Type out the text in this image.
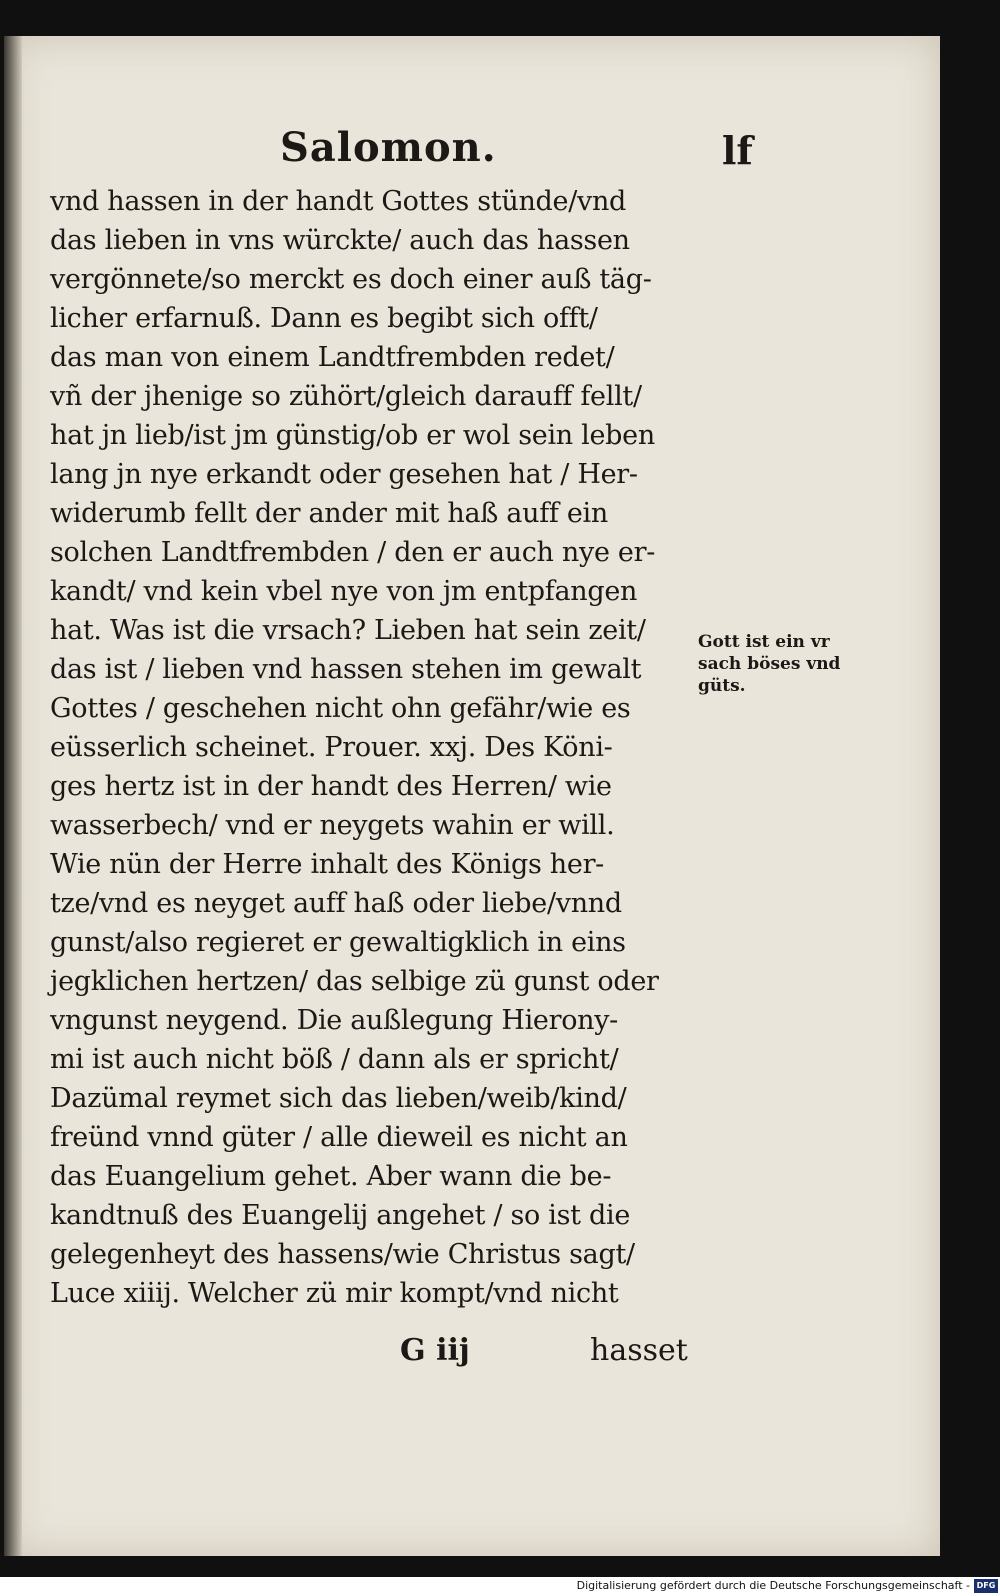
Salomon.	lf
vnd hassen in der handt Gottes stünde/vnd
das lieben in vns würckte/ auch das hassen
vergönnete/so merckt es doch einer auß täg-
licher erfarnuß. Dann es begibt sich offt/
das man von einem Landtfrembden redet/
vñ der jhenige so zühört/gleich darauff fellt/
hat jn lieb/ist jm günstig/ob er wol sein leben
lang jn nye erkandt oder gesehen hat / Her-
widerumb fellt der ander mit haß auff ein
solchen Landtfrembden / den er auch nye er-
kandt/ vnd kein vbel nye von jm entpfangen
hat. Was ist die vrsach? Lieben hat sein zeit/
das ist / lieben vnd hassen stehen im gewalt
Gottes / geschehen nicht ohn gefähr/wie es
eüsserlich scheinet. Prouer. xxj. Des Köni-
ges hertz ist in der handt des Herren/ wie
wasserbech/ vnd er neygets wahin er will.
Wie nün der Herre inhalt des Königs her-
tze/vnd es neyget auff haß oder liebe/vnnd
gunst/also regieret er gewaltigklich in eins
jegklichen hertzen/ das selbige zü gunst oder
vngunst neygend. Die außlegung Hierony-
mi ist auch nicht böß / dann als er spricht/
Dazümal reymet sich das lieben/weib/kind/
freünd vnnd güter / alle dieweil es nicht an
das Euangelium gehet. Aber wann die be-
kandtnuß des Euangelij angehet / so ist die
gelegenheyt des hassens/wie Christus sagt/
Luce xiiij. Welcher zü mir kompt/vnd nicht
Gott ist ein vr
sach böses vnd
güts.
G iij	hasset
Digitalisierung gefördert durch die Deutsche Forschungsgemeinschaft - DFG
